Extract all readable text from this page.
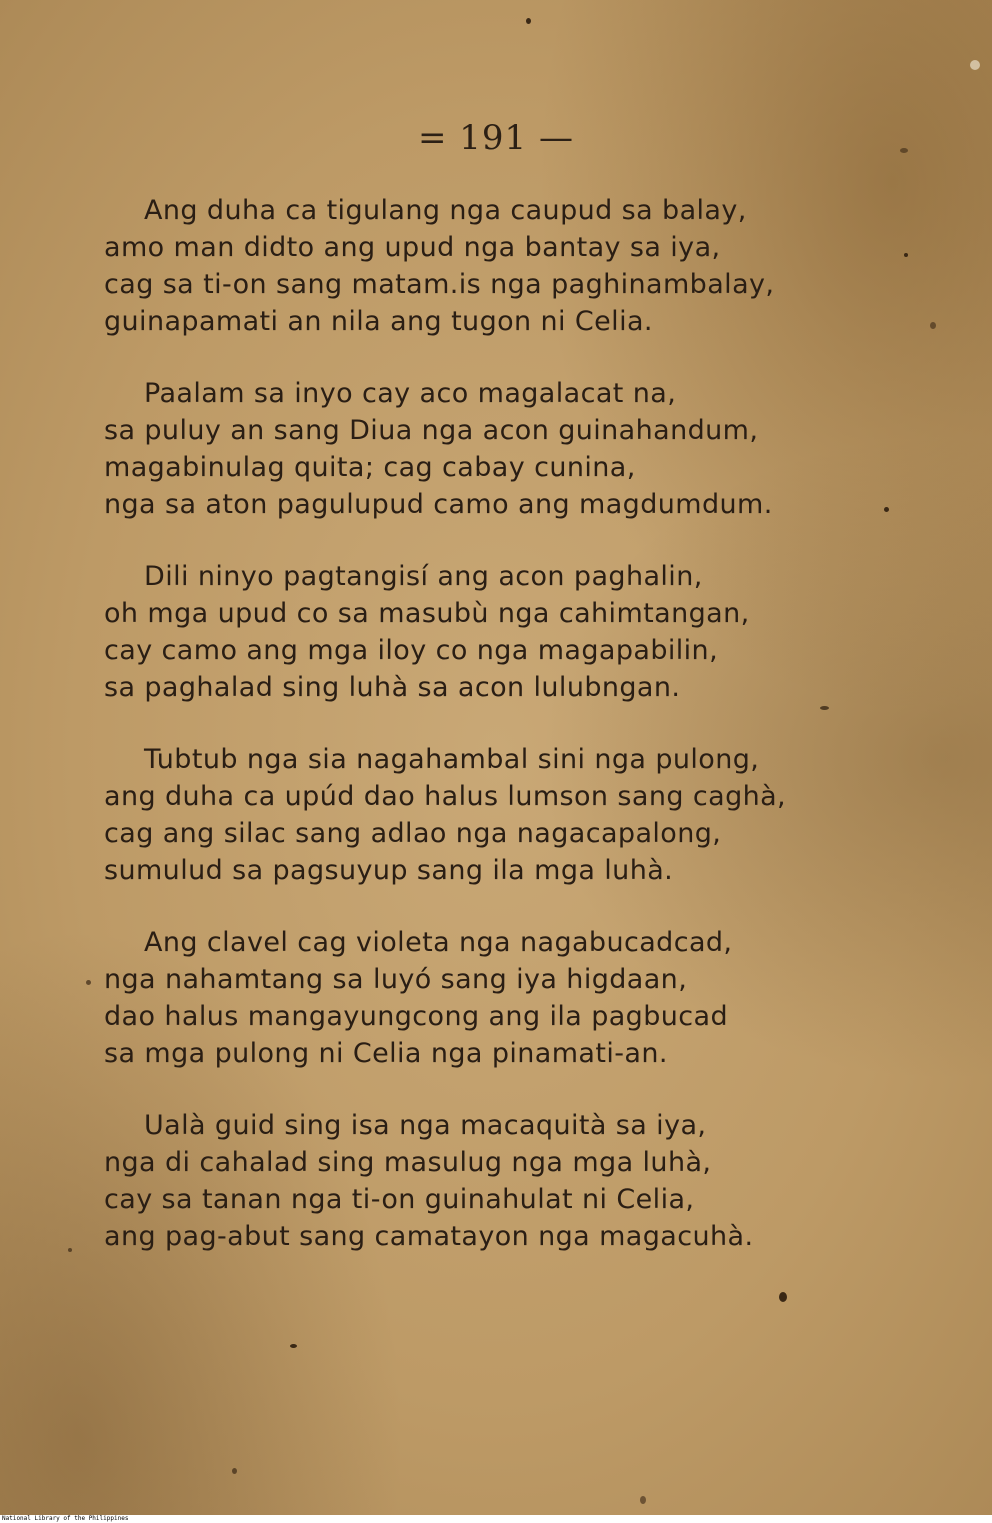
= 191 —
Ang duha ca tigulang nga caupud sa balay,
amo man didto ang upud nga bantay sa iya,
cag sa ti-on sang matam.is nga paghinambalay,
guinapamati an nila ang tugon ni Celia.
Paalam sa inyo cay aco magalacat na,
sa puluy an sang Diua nga acon guinahandum,
magabinulag quita; cag cabay cunina,
nga sa aton pagulupud camo ang magdumdum.
Dili ninyo pagtangisí ang acon paghalin,
oh mga upud co sa masubù nga cahimtangan,
cay camo ang mga iloy co nga magapabilin,
sa paghalad sing luhà sa acon lulubngan.
Tubtub nga sia nagahambal sini nga pulong,
ang duha ca upúd dao halus lumson sang caghà,
cag ang silac sang adlao nga nagacapalong,
sumulud sa pagsuyup sang ila mga luhà.
Ang clavel cag violeta nga nagabucadcad,
nga nahamtang sa luyó sang iya higdaan,
dao halus mangayungcong ang ila pagbucad
sa mga pulong ni Celia nga pinamati-an.
Ualà guid sing isa nga macaquità sa iya,
nga di cahalad sing masulug nga mga luhà,
cay sa tanan nga ti-on guinahulat ni Celia,
ang pag-abut sang camatayon nga magacuhà.
National Library of the Philippines
